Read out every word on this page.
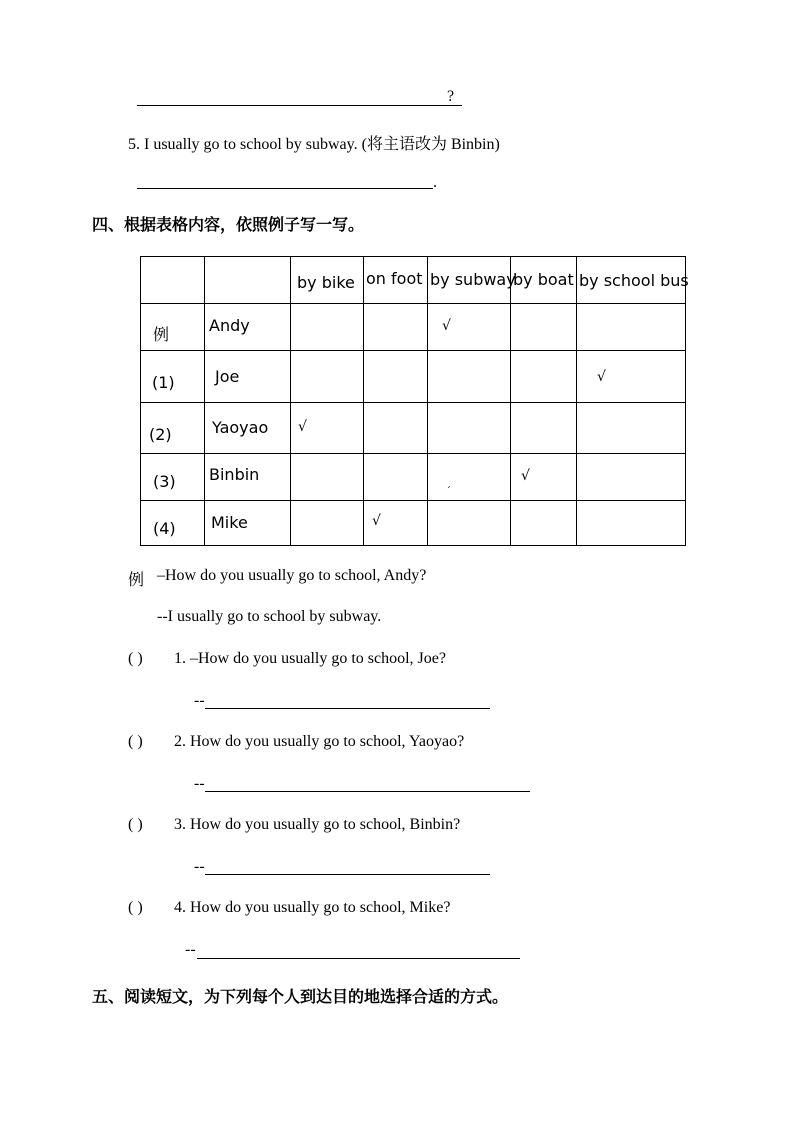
?
5. I usually go to school by subway. (将主语改为 Binbin)
.
四、根据表格内容，依照例子写一写。

		by bike	on foot	by subway	by boat	by school bus

例	Andy			√		

(1)	Joe					√

(2)	Yaoyao	√				

(3)	Binbin			ˊ	√	

(4)	Mike		√			

例 –How do you usually go to school, Andy?
--I usually go to school by subway.
( ) 1. –How do you usually go to school, Joe?
--
( ) 2. How do you usually go to school, Yaoyao?
--
( ) 3. How do you usually go to school, Binbin?
--
( ) 4. How do you usually go to school, Mike?
--
五、阅读短文，为下列每个人到达目的地选择合适的方式。
